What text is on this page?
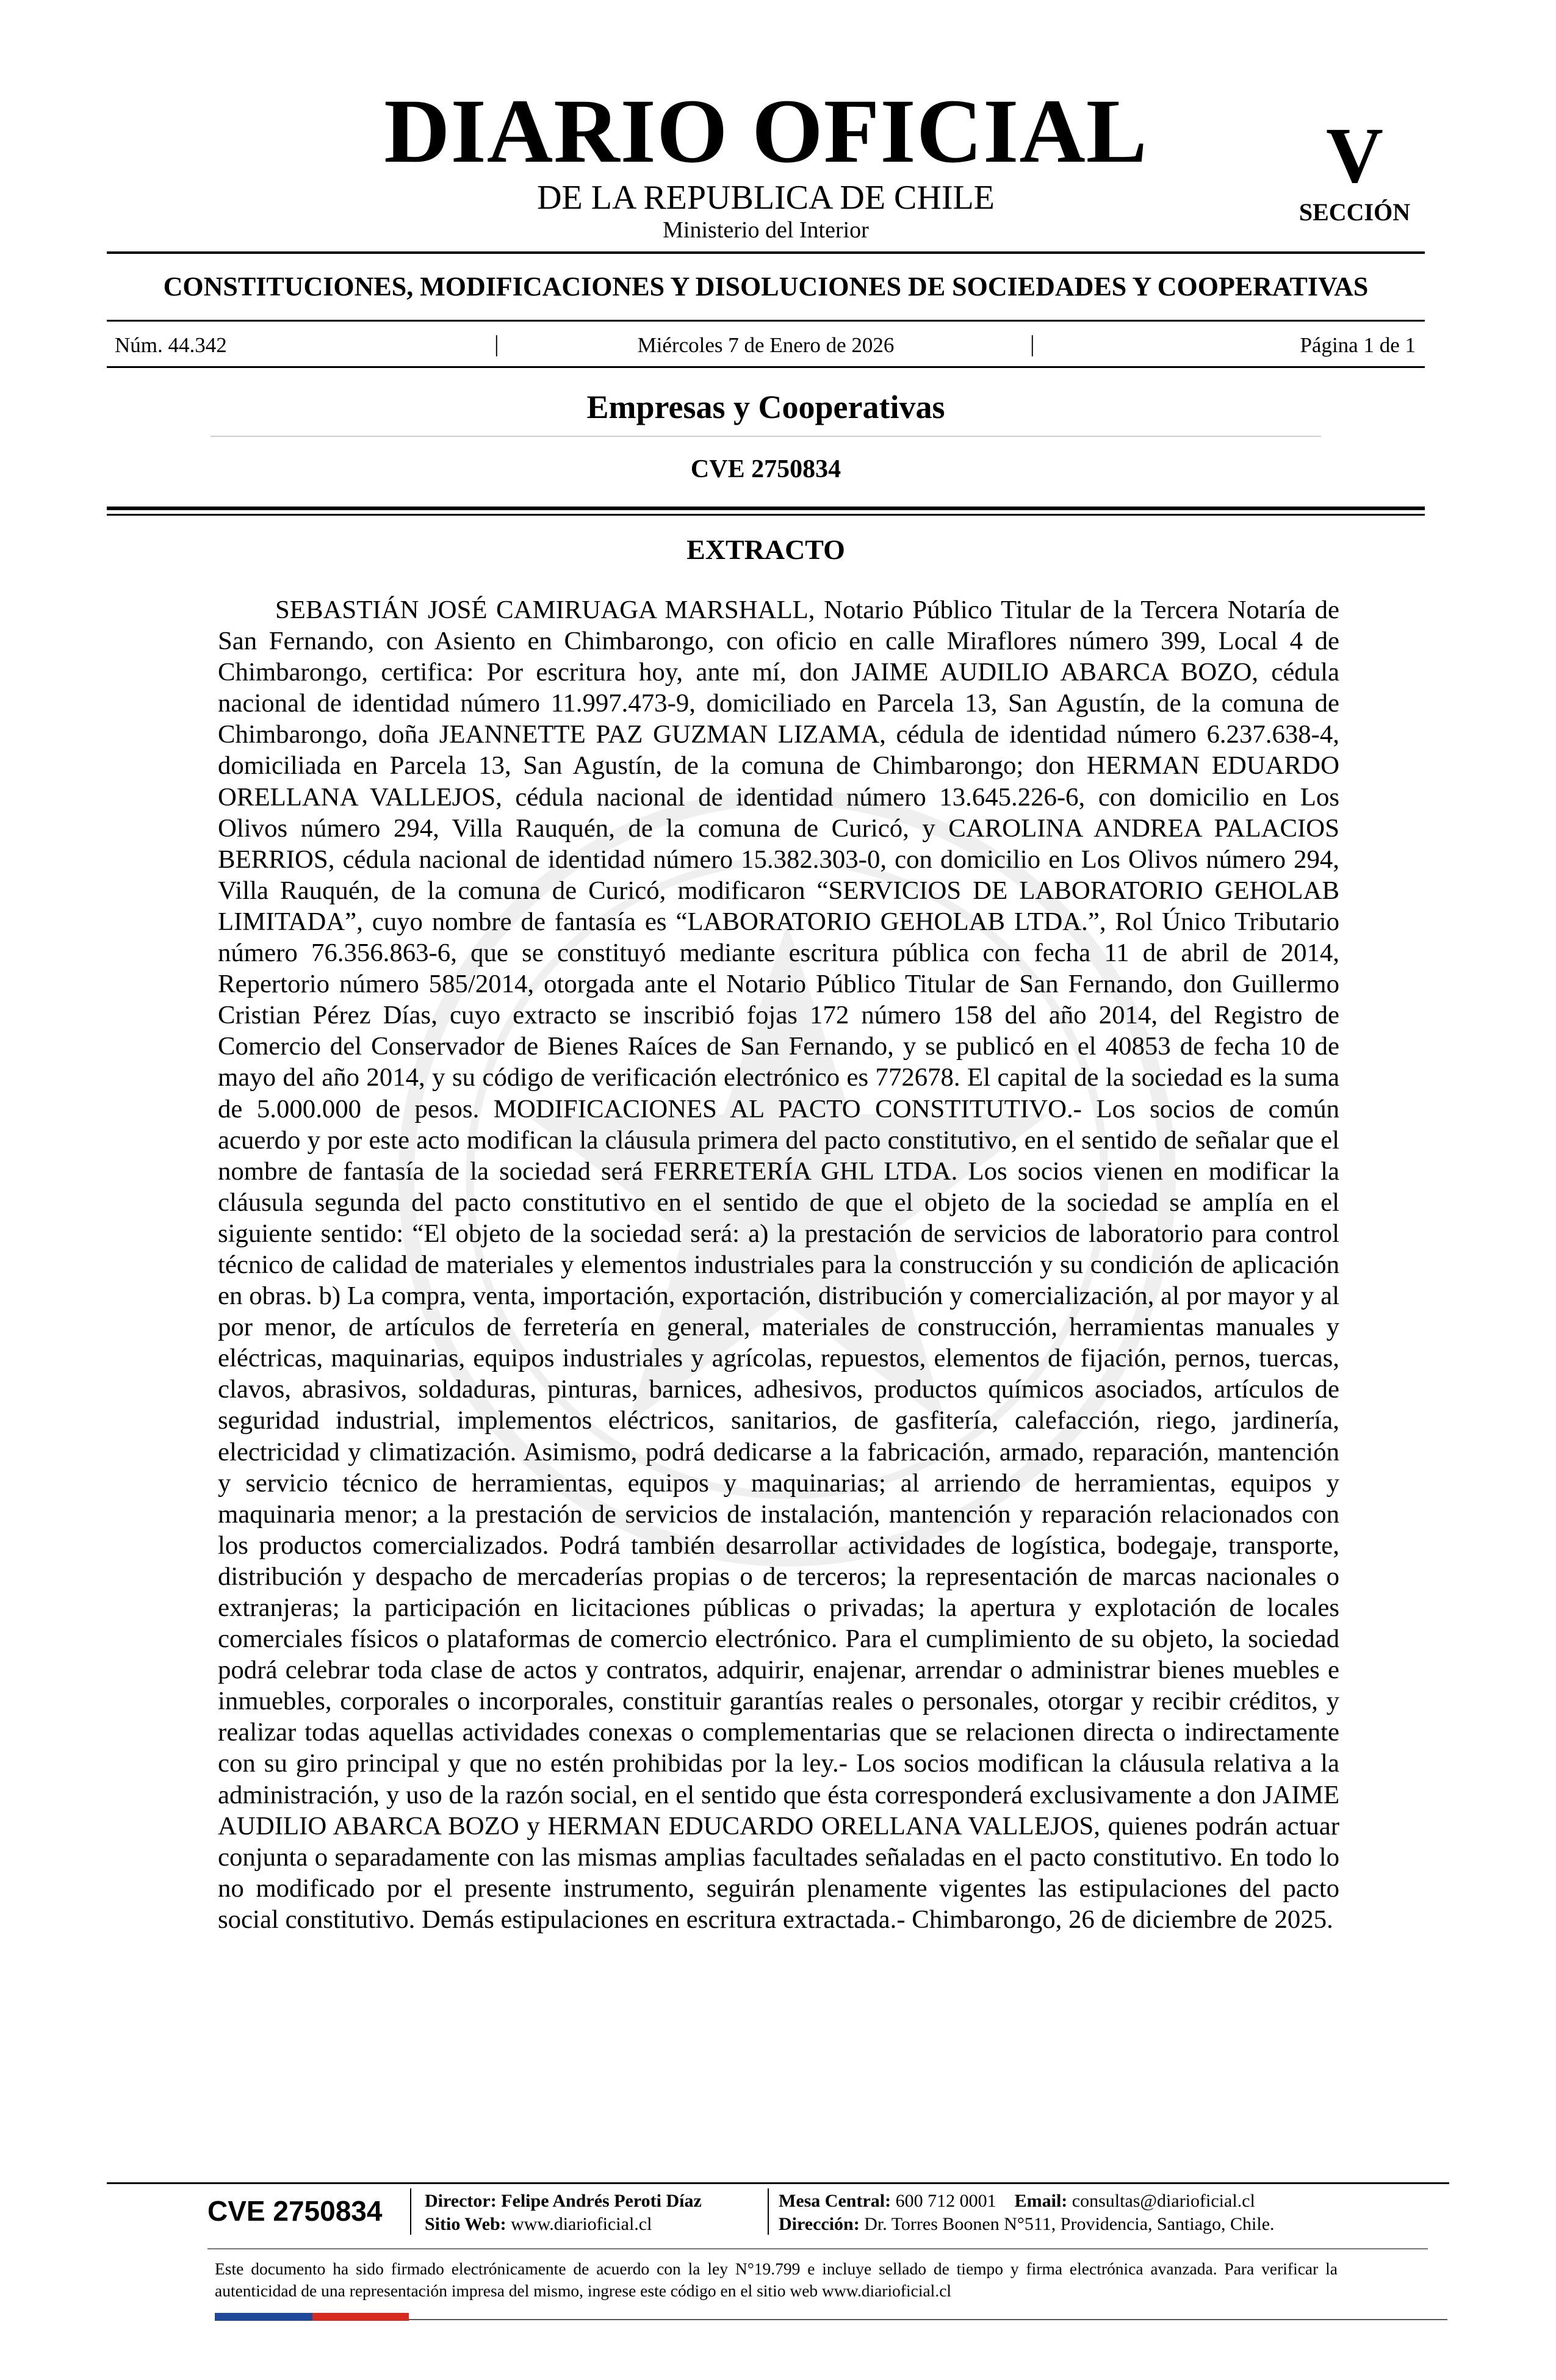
DIARIO OFICIAL
DE LA REPUBLICA DE CHILE
Ministerio del Interior
V
SECCIÓN
CONSTITUCIONES, MODIFICACIONES Y DISOLUCIONES DE SOCIEDADES Y COOPERATIVAS
Núm. 44.342	|	Miércoles 7 de Enero de 2026	|	Página 1 de 1
Empresas y Cooperativas
CVE 2750834
EXTRACTO

SEBASTIÁN JOSÉ CAMIRUAGA MARSHALL, Notario Público Titular de la Tercera Notaría de San Fernando, con Asiento en Chimbarongo, con oficio en calle Miraflores número 399, Local 4 de Chimbarongo, certifica: Por escritura hoy, ante mí, don JAIME AUDILIO ABARCA BOZO, cédula nacional de identidad número 11.997.473-9, domiciliado en Parcela 13, San Agustín, de la comuna de Chimbarongo, doña JEANNETTE PAZ GUZMAN LIZAMA, cédula de identidad número 6.237.638-4, domiciliada en Parcela 13, San Agustín, de la comuna de Chimbarongo; don HERMAN EDUARDO ORELLANA VALLEJOS, cédula nacional de identidad número 13.645.226-6, con domicilio en Los Olivos número 294, Villa Rauquén, de la comuna de Curicó, y CAROLINA ANDREA PALACIOS BERRIOS, cédula nacional de identidad número 15.382.303-0, con domicilio en Los Olivos número 294, Villa Rauquén, de la comuna de Curicó, modificaron “SERVICIOS DE LABORATORIO GEHOLAB LIMITADA”, cuyo nombre de fantasía es “LABORATORIO GEHOLAB LTDA.”, Rol Único Tributario número 76.356.863-6, que se constituyó mediante escritura pública con fecha 11 de abril de 2014, Repertorio número 585/2014, otorgada ante el Notario Público Titular de San Fernando, don Guillermo Cristian Pérez Días, cuyo extracto se inscribió fojas 172 número 158 del año 2014, del Registro de Comercio del Conservador de Bienes Raíces de San Fernando, y se publicó en el 40853 de fecha 10 de mayo del año 2014, y su código de verificación electrónico es 772678. El capital de la sociedad es la suma de 5.000.000 de pesos. MODIFICACIONES AL PACTO CONSTITUTIVO.- Los socios de común acuerdo y por este acto modifican la cláusula primera del pacto constitutivo, en el sentido de señalar que el nombre de fantasía de la sociedad será FERRETERÍA GHL LTDA. Los socios vienen en modificar la cláusula segunda del pacto constitutivo en el sentido de que el objeto de la sociedad se amplía en el siguiente sentido: “El objeto de la sociedad será: a) la prestación de servicios de laboratorio para control técnico de calidad de materiales y elementos industriales para la construcción y su condición de aplicación en obras. b) La compra, venta, importación, exportación, distribución y comercialización, al por mayor y al por menor, de artículos de ferretería en general, materiales de construcción, herramientas manuales y eléctricas, maquinarias, equipos industriales y agrícolas, repuestos, elementos de fijación, pernos, tuercas, clavos, abrasivos, soldaduras, pinturas, barnices, adhesivos, productos químicos asociados, artículos de seguridad industrial, implementos eléctricos, sanitarios, de gasfitería, calefacción, riego, jardinería, electricidad y climatización. Asimismo, podrá dedicarse a la fabricación, armado, reparación, mantención y servicio técnico de herramientas, equipos y maquinarias; al arriendo de herramientas, equipos y maquinaria menor; a la prestación de servicios de instalación, mantención y reparación relacionados con los productos comercializados. Podrá también desarrollar actividades de logística, bodegaje, transporte, distribución y despacho de mercaderías propias o de terceros; la representación de marcas nacionales o extranjeras; la participación en licitaciones públicas o privadas; la apertura y explotación de locales comerciales físicos o plataformas de comercio electrónico. Para el cumplimiento de su objeto, la sociedad podrá celebrar toda clase de actos y contratos, adquirir, enajenar, arrendar o administrar bienes muebles e inmuebles, corporales o incorporales, constituir garantías reales o personales, otorgar y recibir créditos, y realizar todas aquellas actividades conexas o complementarias que se relacionen directa o indirectamente con su giro principal y que no estén prohibidas por la ley.- Los socios modifican la cláusula relativa a la administración, y uso de la razón social, en el sentido que ésta corresponderá exclusivamente a don JAIME AUDILIO ABARCA BOZO y HERMAN EDUCARDO ORELLANA VALLEJOS, quienes podrán actuar conjunta o separadamente con las mismas amplias facultades señaladas en el pacto constitutivo. En todo lo no modificado por el presente instrumento, seguirán plenamente vigentes las estipulaciones del pacto social constitutivo. Demás estipulaciones en escritura extractada.- Chimbarongo, 26 de diciembre de 2025.

CVE 2750834	Director: Felipe Andrés Peroti Díaz
Sitio Web: www.diarioficial.cl
Mesa Central: 600 712 0001 Email: consultas@diarioficial.cl
Dirección: Dr. Torres Boonen N°511, Providencia, Santiago, Chile.

Este documento ha sido firmado electrónicamente de acuerdo con la ley N°19.799 e incluye sellado de tiempo y firma electrónica avanzada. Para verificar la autenticidad de una representación impresa del mismo, ingrese este código en el sitio web www.diarioficial.cl
